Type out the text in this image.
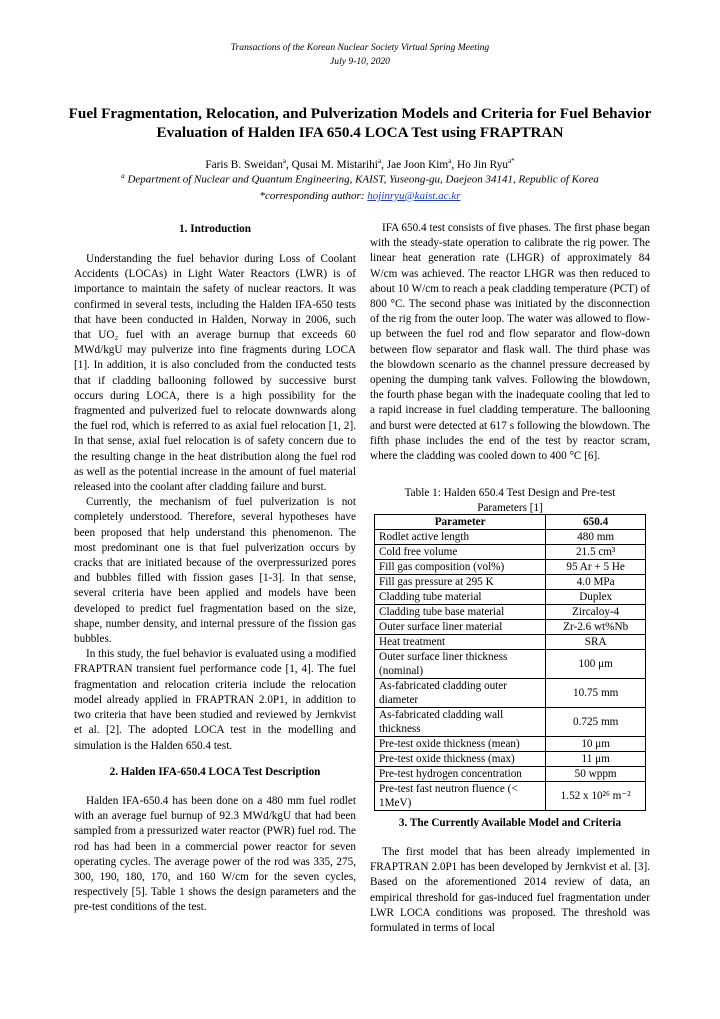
Transactions of the Korean Nuclear Society Virtual Spring Meeting
July 9-10, 2020
Fuel Fragmentation, Relocation, and Pulverization Models and Criteria for Fuel Behavior
Evaluation of Halden IFA 650.4 LOCA Test using FRAPTRAN
Faris B. Sweidan$^a$, Qusai M. Mistarihi$^a$, Jae Joon Kim$^a$, Ho Jin Ryu$^{a*}$
$^a$ Department of Nuclear and Quantum Engineering, KAIST, Yuseong-gu, Daejeon 34141, Republic of Korea
*corresponding author: hojinryu@kaist.ac.kr
1. Introduction

Understanding the fuel behavior during Loss of Coolant Accidents (LOCAs) in Light Water Reactors (LWR) is of importance to maintain the safety of nuclear reactors. It was confirmed in several tests, including the Halden IFA-650 tests that have been conducted in Halden, Norway in 2006, such that UO₂ fuel with an average burnup that exceeds 60 MWd/kgU may pulverize into fine fragments during LOCA [1]. In addition, it is also concluded from the conducted tests that if cladding ballooning followed by successive burst occurs during LOCA, there is a high possibility for the fragmented and pulverized fuel to relocate downwards along the fuel rod, which is referred to as axial fuel relocation [1, 2]. In that sense, axial fuel relocation is of safety concern due to the resulting change in the heat distribution along the fuel rod as well as the potential increase in the amount of fuel material released into the coolant after cladding failure and burst.

Currently, the mechanism of fuel pulverization is not completely understood. Therefore, several hypotheses have been proposed that help understand this phenomenon. The most predominant one is that fuel pulverization occurs by cracks that are initiated because of the overpressurized pores and bubbles filled with fission gases [1-3]. In that sense, several criteria have been applied and models have been developed to predict fuel fragmentation based on the size, shape, number density, and internal pressure of the fission gas bubbles.

In this study, the fuel behavior is evaluated using a modified FRAPTRAN transient fuel performance code [1, 4]. The fuel fragmentation and relocation criteria include the relocation model already applied in FRAPTRAN 2.0P1, in addition to two criteria that have been studied and reviewed by Jernkvist et al. [2]. The adopted LOCA test in the modelling and simulation is the Halden 650.4 test.

2. Halden IFA-650.4 LOCA Test Description

Halden IFA-650.4 has been done on a 480 mm fuel rodlet with an average fuel burnup of 92.3 MWd/kgU that had been sampled from a pressurized water reactor (PWR) fuel rod. The rod has had been in a commercial power reactor for seven operating cycles. The average power of the rod was 335, 275, 300, 190, 180, 170, and 160 W/cm for the seven cycles, respectively [5]. Table 1 shows the design parameters and the pre-test conditions of the test.

IFA 650.4 test consists of five phases. The first phase began with the steady-state operation to calibrate the rig power. The linear heat generation rate (LHGR) of approximately 84 W/cm was achieved. The reactor LHGR was then reduced to about 10 W/cm to reach a peak cladding temperature (PCT) of 800 °C. The second phase was initiated by the disconnection of the rig from the outer loop. The water was allowed to flow-up between the fuel rod and flow separator and flow-down between flow separator and flask wall. The third phase was the blowdown scenario as the channel pressure decreased by opening the dumping tank valves. Following the blowdown, the fourth phase began with the inadequate cooling that led to a rapid increase in fuel cladding temperature. The ballooning and burst were detected at 617 s following the blowdown. The fifth phase includes the end of the test by reactor scram, where the cladding was cooled down to 400 °C [6].

Table 1: Halden 650.4 Test Design and Pre-test
Parameters [1]
Parameter	650.4
Rodlet active length	480 mm
Cold free volume	21.5 cm³
Fill gas composition (vol%)	95 Ar + 5 He
Fill gas pressure at 295 K	4.0 MPa
Cladding tube material	Duplex
Cladding tube base material	Zircaloy-4
Outer surface liner material	Zr-2.6 wt%Nb
Heat treatment	SRA
Outer surface liner thickness (nominal)	100 μm
As-fabricated cladding outer diameter	10.75 mm
As-fabricated cladding wall thickness	0.725 mm
Pre-test oxide thickness (mean)	10 μm
Pre-test oxide thickness (max)	11 μm
Pre-test hydrogen concentration	50 wppm
Pre-test fast neutron fluence (< 1MeV)	1.52 x 10²⁶ m⁻²
3. The Currently Available Model and Criteria

The first model that has been already implemented in FRAPTRAN 2.0P1 has been developed by Jernkvist et al. [3]. Based on the aforementioned 2014 review of data, an empirical threshold for gas-induced fuel fragmentation under LWR LOCA conditions was proposed. The threshold was formulated in terms of local
